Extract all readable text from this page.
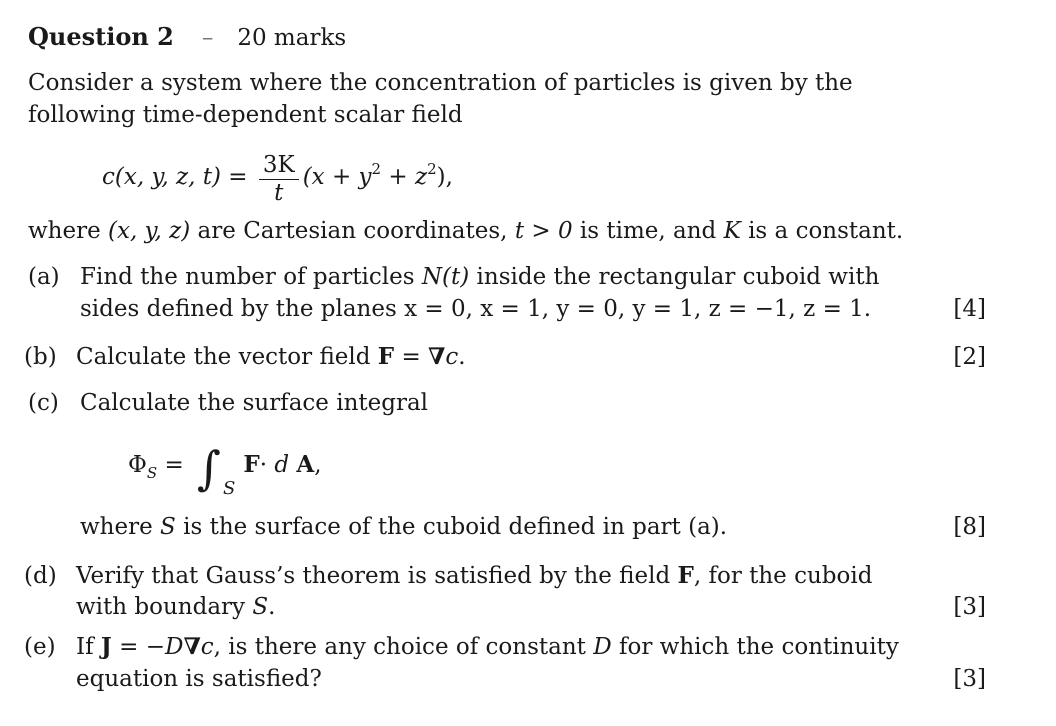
Question 2 – 20 marks
Consider a system where the concentration of particles is given by the
following time-dependent scalar field
c(x, y, z, $t) = \frac{3K}{t} (x + y^2 + z^2)$,
where (x, y, z) are Cartesian coordinates, t > 0 is time, and K is a constant.
(a) Find the number of particles N(t) inside the rectangular cuboid with
sides defined by the planes x = 0, x = 1, y = 0, y = 1, z = −1, z = 1.	[4]
(b) Calculate the vector field F = ∇c.	[2]
(c) Calculate the surface integral
$\Phi_S$ = ∫ $_S$F· d A,
where S is the surface of the cuboid defined in part (a).	[8]
(d) Verify that Gauss’s theorem is satisfied by the field F, for the cuboid
with boundary S.	[3]
(e) If J = −D∇c, is there any choice of constant D for which the continuity
equation is satisfied?	[3]
